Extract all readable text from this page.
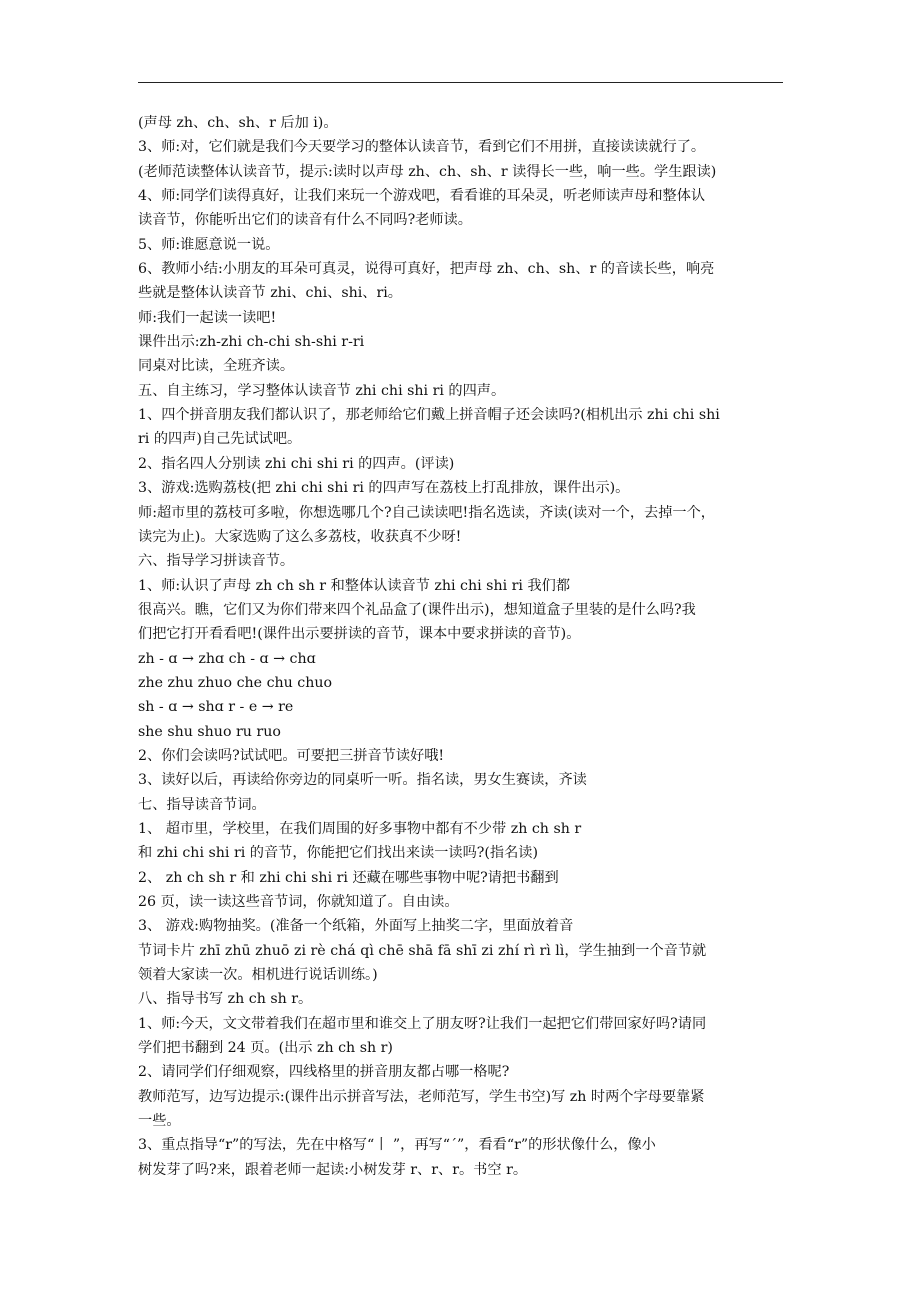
(声母 zh、ch、sh、r 后加 i)。
3、师:对，它们就是我们今天要学习的整体认读音节，看到它们不用拼，直接读读就行了。
(老师范读整体认读音节，提示:读时以声母 zh、ch、sh、r 读得长一些，响一些。学生跟读)
4、师:同学们读得真好，让我们来玩一个游戏吧，看看谁的耳朵灵，听老师读声母和整体认
读音节，你能听出它们的读音有什么不同吗?老师读。
5、师:谁愿意说一说。
6、教师小结:小朋友的耳朵可真灵，说得可真好，把声母 zh、ch、sh、r 的音读长些，响亮
些就是整体认读音节 zhi、chi、shi、ri。
师:我们一起读一读吧!
课件出示:zh-zhi ch-chi sh-shi r-ri
同桌对比读，全班齐读。
五、自主练习，学习整体认读音节 zhi chi shi ri 的四声。
1、四个拼音朋友我们都认识了，那老师给它们戴上拼音帽子还会读吗?(相机出示 zhi chi shi
ri 的四声)自己先试试吧。
2、指名四人分别读 zhi chi shi ri 的四声。(评读)
3、游戏:选购荔枝(把 zhi chi shi ri 的四声写在荔枝上打乱排放，课件出示)。
师:超市里的荔枝可多啦，你想选哪几个?自己读读吧!指名选读，齐读(读对一个，去掉一个，
读完为止)。大家选购了这么多荔枝，收获真不少呀!
六、指导学习拼读音节。
1、师:认识了声母 zh ch sh r 和整体认读音节 zhi chi shi ri 我们都
很高兴。瞧，它们又为你们带来四个礼品盒了(课件出示)，想知道盒子里装的是什么吗?我
们把它打开看看吧!(课件出示要拼读的音节，课本中要求拼读的音节)。
zh - ɑ → zhɑ ch - ɑ → chɑ
zhe zhu zhuo che chu chuo
sh - ɑ → shɑ r - e → re
she shu shuo ru ruo
2、你们会读吗?试试吧。可要把三拼音节读好哦!
3、读好以后，再读给你旁边的同桌听一听。指名读，男女生赛读，齐读
七、指导读音节词。
1、 超市里，学校里，在我们周围的好多事物中都有不少带 zh ch sh r
和 zhi chi shi ri 的音节，你能把它们找出来读一读吗?(指名读)
2、 zh ch sh r 和 zhi chi shi ri 还藏在哪些事物中呢?请把书翻到
26 页，读一读这些音节词，你就知道了。自由读。
3、 游戏:购物抽奖。(准备一个纸箱，外面写上抽奖二字，里面放着音
节词卡片 zhī zhū zhuō zi rè chá qì chē shā fā shī zi zhí rì rì lì，学生抽到一个音节就
领着大家读一次。相机进行说话训练。)
八、指导书写 zh ch sh r。
1、师:今天，文文带着我们在超市里和谁交上了朋友呀?让我们一起把它们带回家好吗?请同
学们把书翻到 24 页。(出示 zh ch sh r)
2、请同学们仔细观察，四线格里的拼音朋友都占哪一格呢?
教师范写，边写边提示:(课件出示拼音写法，老师范写，学生书空)写 zh 时两个字母要靠紧
一些。
3、重点指导“r”的写法，先在中格写“丨 ”，再写“ˊ”，看看“r”的形状像什么，像小
树发芽了吗?来，跟着老师一起读:小树发芽 r、r、r。书空 r。
